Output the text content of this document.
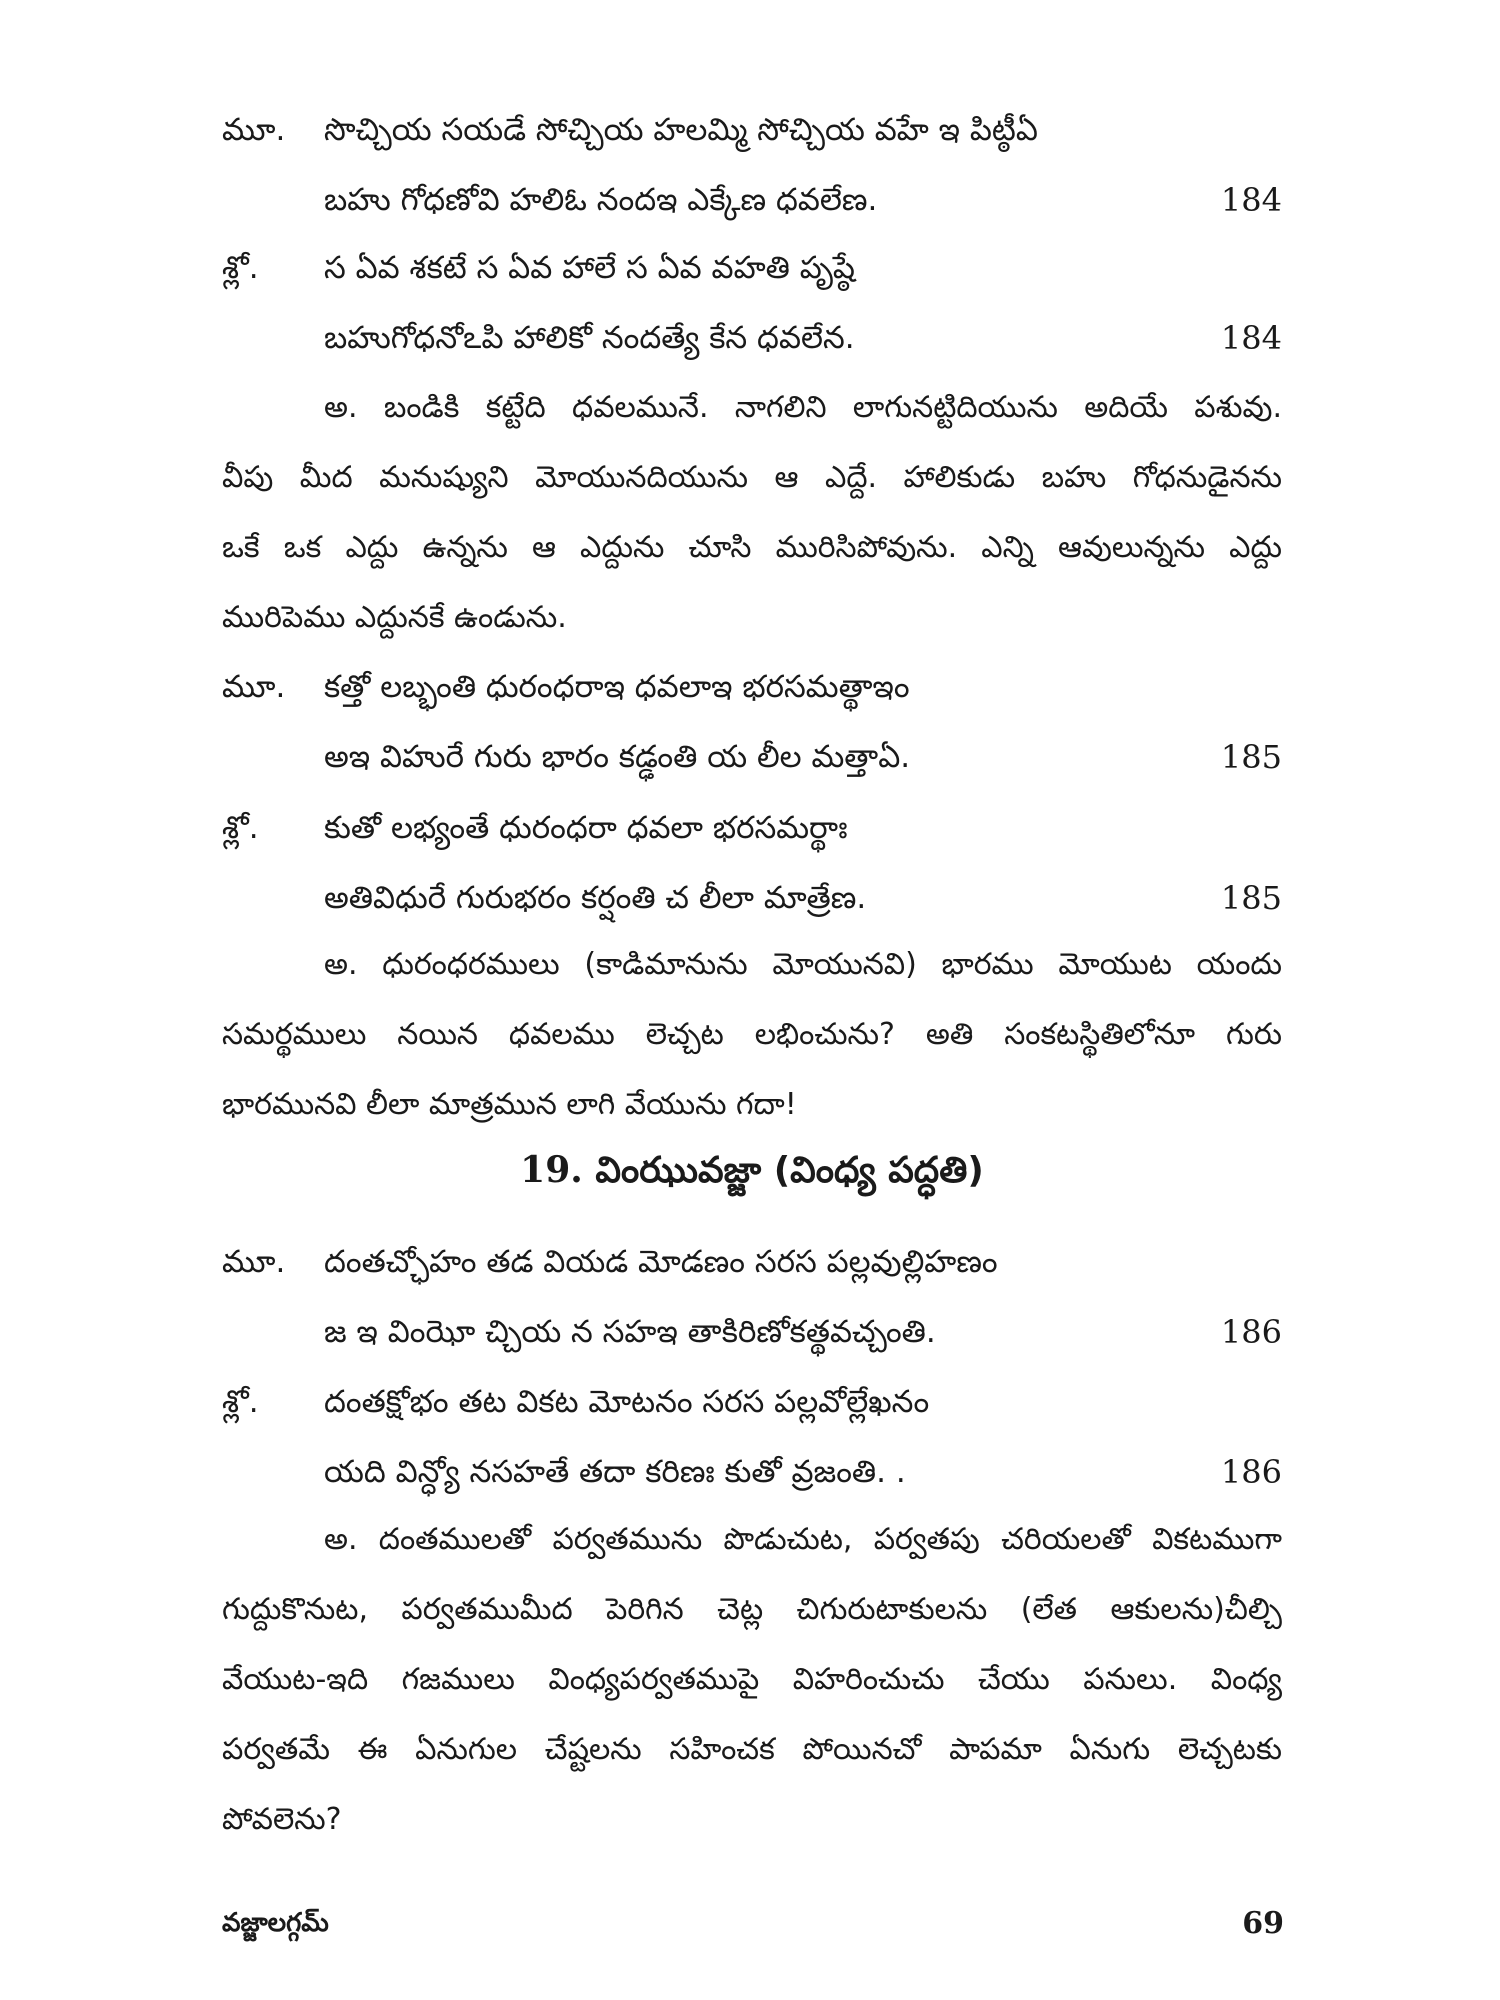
మూ.	సొచ్చియ సయడే సోచ్చియ హలమ్మి సోచ్చియ వహే ఇ పిట్ఠీఏ
బహు గోధణోవి హలిఓ నందఇ ఎక్కేణ ధవలేణ.	184
శ్లో.	స ఏవ శకటే స ఏవ హాలే స ఏవ వహతి పృష్ఠే
బహుగోధనోఽపి హాలికో నందత్యే కేన ధవలేన.	184
అ. బండికి కట్టేది ధవలమునే. నాగలిని లాగునట్టిదియును అదియే పశువు.
వీపు మీద మనుష్యుని మోయునదియును ఆ ఎద్దే. హాలికుడు బహు గోధనుడైనను
ఒకే ఒక ఎద్దు ఉన్నను ఆ ఎద్దును చూసి మురిసిపోవును. ఎన్ని ఆవులున్నను ఎద్దు
మురిపెము ఎద్దునకే ఉండును.
మూ.	కత్తో లబ్భంతి ధురంధరాఇ ధవలాఇ భరసమత్థాఇం
అఇ విహురే గురు భారం కడ్ఢంతి య లీల మత్తాఏ.	185
శ్లో.	కుతో లభ్యంతే ధురంధరా ధవలా భరసమర్థాః
అతివిధురే గురుభరం కర్షంతి చ లీలా మాత్రేణ.	185
అ. ధురంధరములు (కాడిమానును మోయునవి) భారము మోయుట యందు
సమర్థములు నయిన ధవలము లెచ్చట లభించును? అతి సంకటస్థితిలోనూ గురు
భారమునవి లీలా మాత్రమున లాగి వేయును గదా!
19. వింఝువజ్జా (వింధ్య పద్ధతి)
మూ.	దంతచ్ఛోహం తడ వియడ మోడణం సరస పల్లవుల్లిహణం
జ ఇ వింఝో చ్చియ న సహఇ తాకిరిణోకత్థవచ్చంతి.	186
శ్లో.	దంతక్షోభం తట వికట మోటనం సరస పల్లవోల్లేఖనం
యది విన్ధ్యో నసహతే తదా కరిణః కుతో వ్రజంతి. .	186
అ. దంతములతో పర్వతమును పొడుచుట, పర్వతపు చరియలతో వికటముగా
గుద్దుకొనుట, పర్వతముమీద పెరిగిన చెట్ల చిగురుటాకులను (లేత ఆకులను)చీల్చి
వేయుట-ఇది గజములు వింధ్యపర్వతముపై విహరించుచు చేయు పనులు. వింధ్య
పర్వతమే ఈ ఏనుగుల చేష్టలను సహించక పోయినచో పాపమా ఏనుగు లెచ్చటకు
పోవలెను?
వజ్జాలగ్గమ్	69
